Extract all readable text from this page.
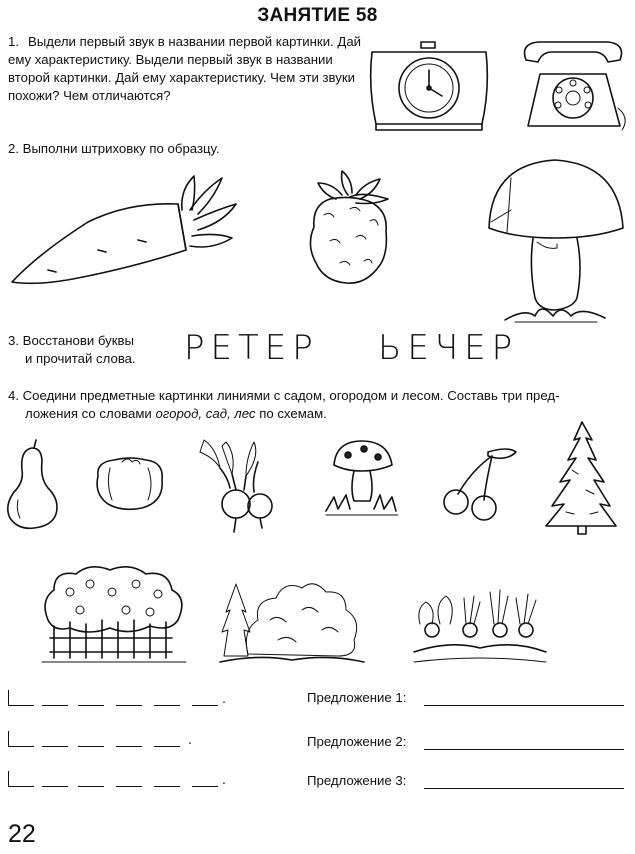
ЗАНЯТИЕ 58
1. Выдели первый звук в названии первой картинки. Дай ему характеристику. Выдели первый звук в названии второй картинки. Дай ему характеристику. Чем эти звуки похожи? Чем отличаются?
2. Выполни штриховку по образцу.
3. Восстанови буквы
и прочитай слова.	РЕТЕР ЬЕЧЕР
4. Соедини предметные картинки линиями с садом, огородом и лесом. Составь три пред-
ложения со словами огород, сад, лес по схемам.
.
.
.
Предложение 1:
Предложение 2:
Предложение 3:
22
